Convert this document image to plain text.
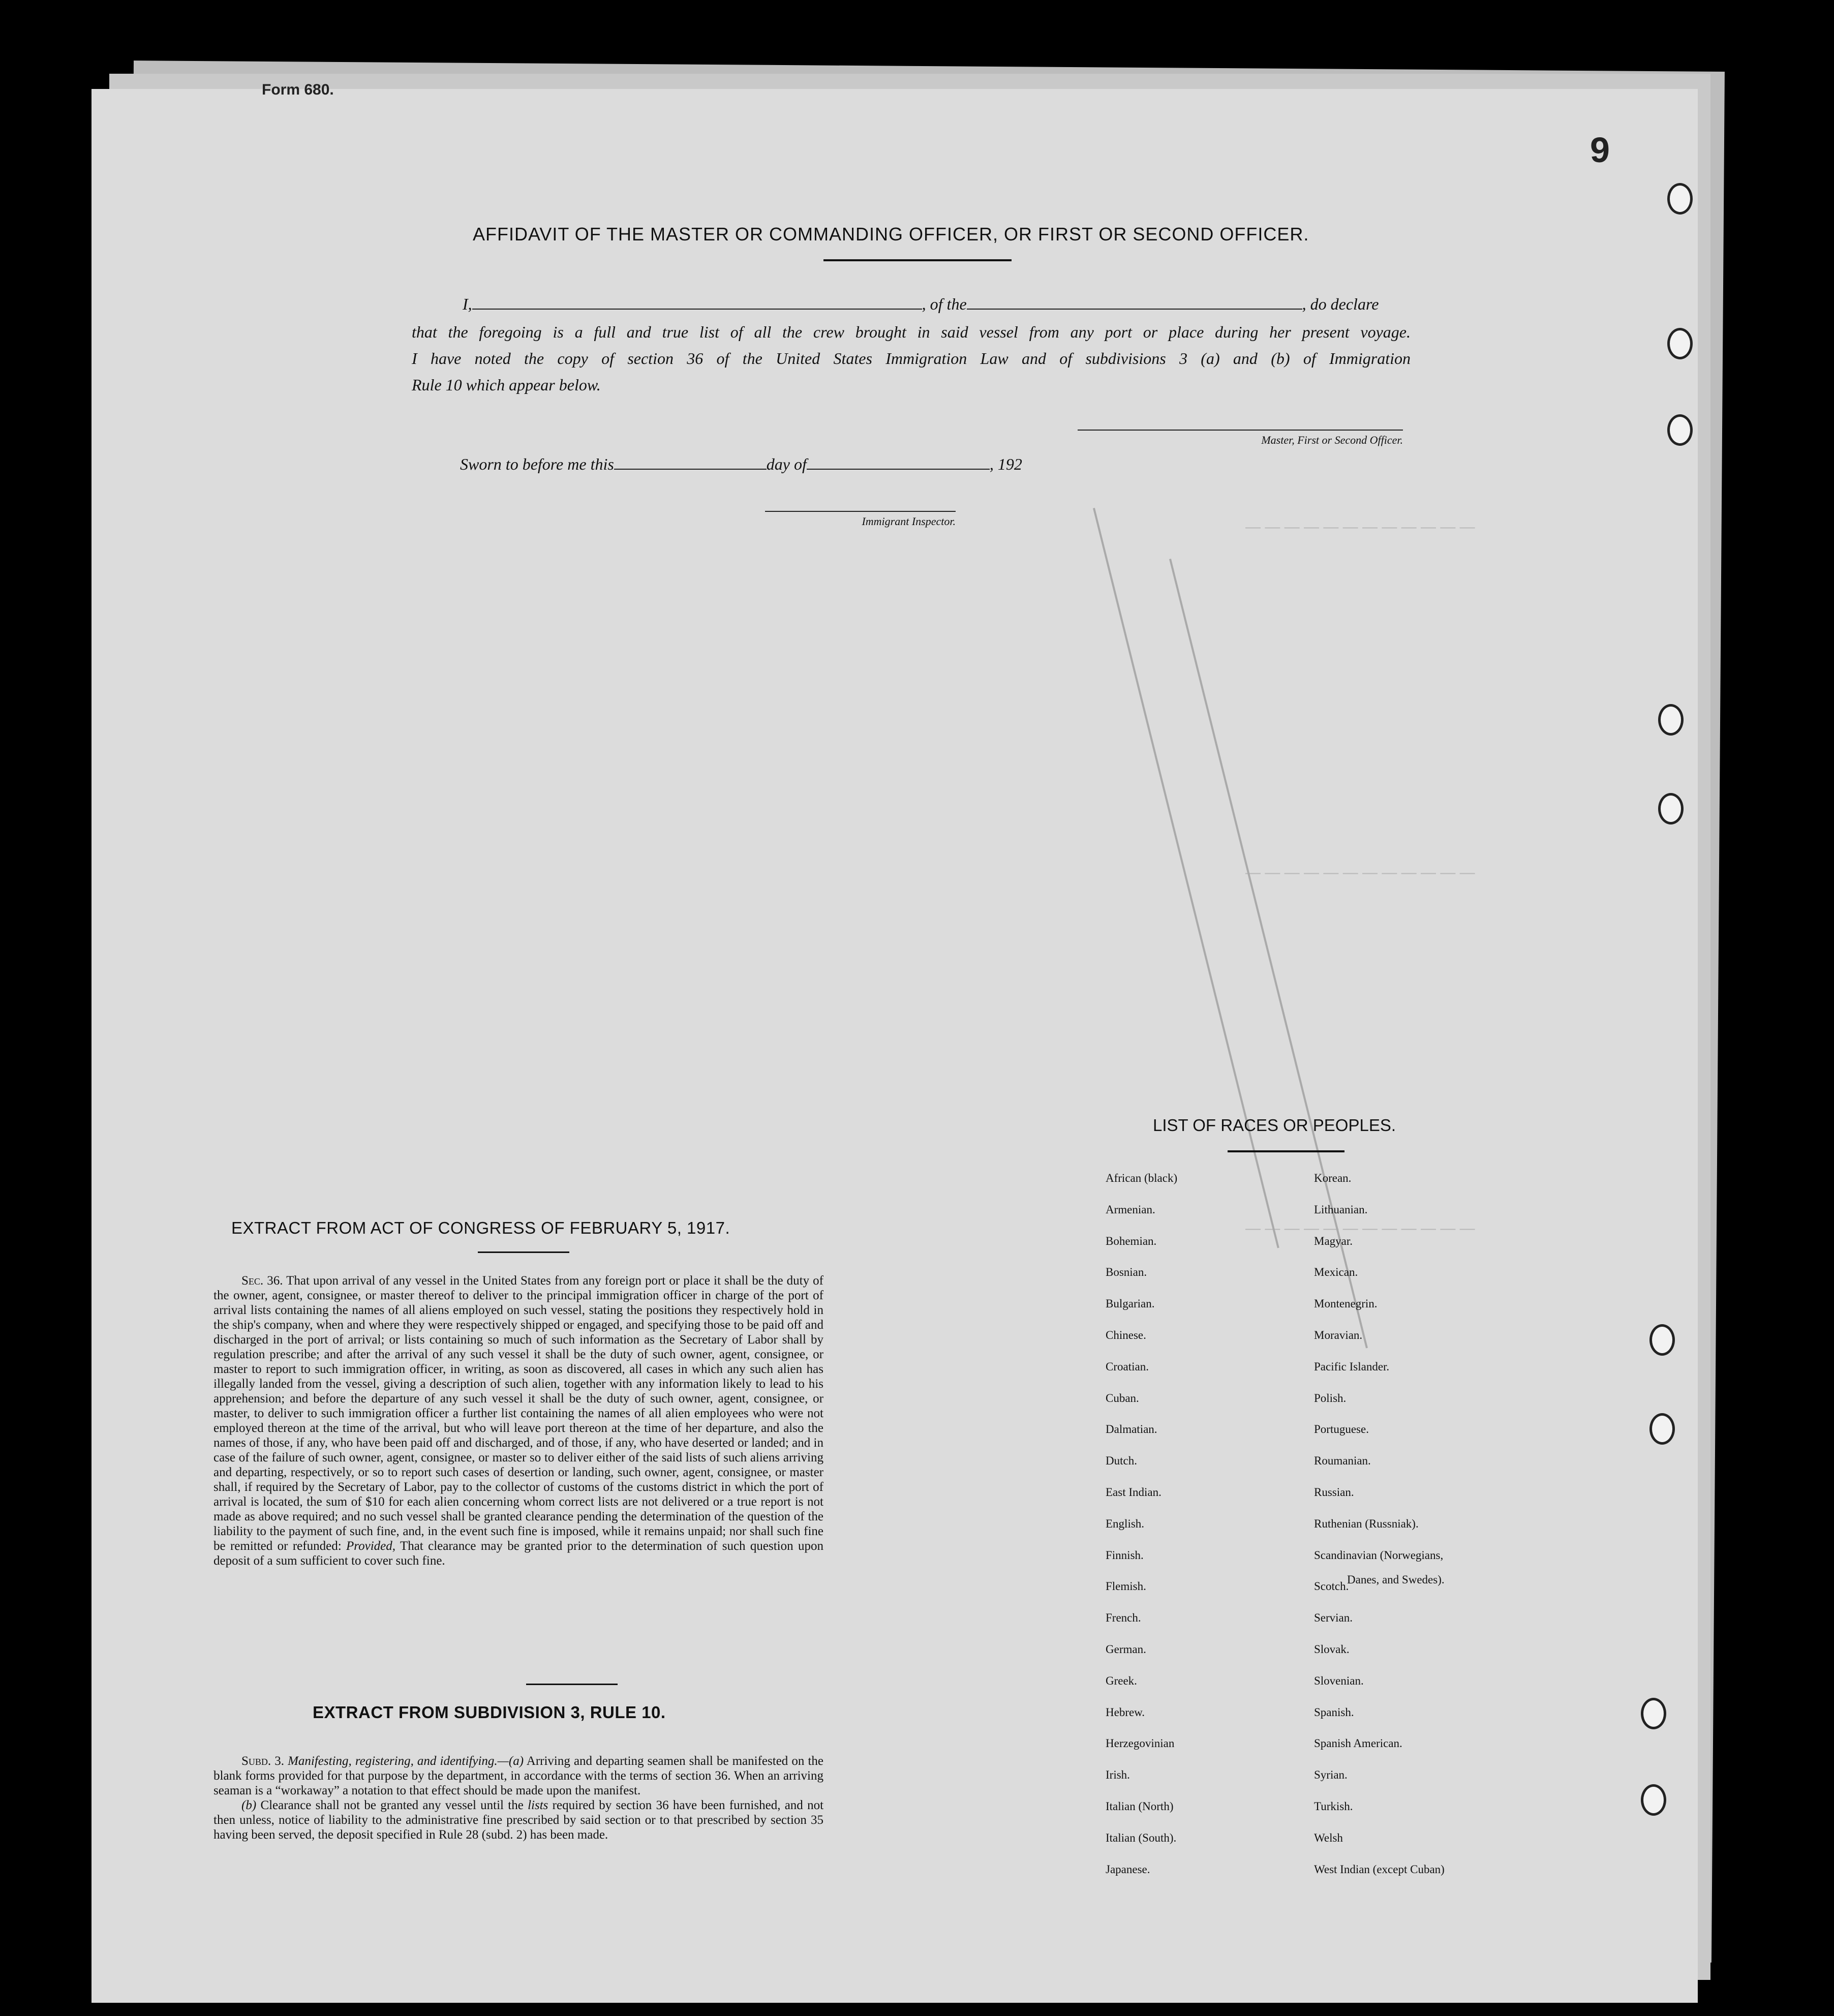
Form 680.
9
— — — — — — — — — — — —
— — — — — — — — — — — —
— — — — — — — — — — — —
AFFIDAVIT OF THE MASTER OR COMMANDING OFFICER, OR FIRST OR SECOND OFFICER.
I,	, of the	, do declare
that the foregoing is a full and true list of all the crew brought in said vessel from any port or place during her present voyage.
I have noted the copy of section 36 of the United States Immigration Law and of subdivisions 3 (a) and (b) of Immigration
Rule 10 which appear below.
Master, First or Second Officer.
Sworn to before me this	day of	, 192
Immigrant Inspector.
EXTRACT FROM ACT OF CONGRESS OF FEBRUARY 5, 1917.
Sec. 36. That upon arrival of any vessel in the United States from any foreign port or place it shall be the duty of the owner, agent, consignee, or master thereof to deliver to the principal immigration officer in charge of the port of arrival lists containing the names of all aliens employed on such vessel, stating the positions they respectively hold in the ship's company, when and where they were respectively shipped or engaged, and specifying those to be paid off and discharged in the port of arrival; or lists containing so much of such information as the Secretary of Labor shall by regulation prescribe; and after the arrival of any such vessel it shall be the duty of such owner, agent, consignee, or master to report to such immigration officer, in writing, as soon as discovered, all cases in which any such alien has illegally landed from the vessel, giving a description of such alien, together with any information likely to lead to his apprehension; and before the departure of any such vessel it shall be the duty of such owner, agent, consignee, or master, to deliver to such immigration officer a further list containing the names of all alien employees who were not employed thereon at the time of the arrival, but who will leave port thereon at the time of her departure, and also the names of those, if any, who have been paid off and discharged, and of those, if any, who have deserted or landed; and in case of the failure of such owner, agent, consignee, or master so to deliver either of the said lists of such aliens arriving and departing, respectively, or so to report such cases of desertion or landing, such owner, agent, consignee, or master shall, if required by the Secretary of Labor, pay to the collector of customs of the customs district in which the port of arrival is located, the sum of $10 for each alien concerning whom correct lists are not delivered or a true report is not made as above required; and no such vessel shall be granted clearance pending the determination of the question of the liability to the payment of such fine, and, in the event such fine is imposed, while it remains unpaid; nor shall such fine be remitted or refunded: Provided, That clearance may be granted prior to the determination of such question upon deposit of a sum sufficient to cover such fine.
EXTRACT FROM SUBDIVISION 3, RULE 10.
Subd. 3. Manifesting, registering, and identifying.—(a) Arriving and departing seamen shall be manifested on the blank forms provided for that purpose by the department, in accordance with the terms of section 36. When an arriving seaman is a “workaway” a notation to that effect should be made upon the manifest.
(b) Clearance shall not be granted any vessel until the lists required by section 36 have been furnished, and not then unless, notice of liability to the administrative fine prescribed by said section or to that prescribed by section 35 having been served, the deposit specified in Rule 28 (subd. 2) has been made.
LIST OF RACES OR PEOPLES.
African (black)
Armenian.
Bohemian.
Bosnian.
Bulgarian.
Chinese.
Croatian.
Cuban.
Dalmatian.
Dutch.
East Indian.
English.
Finnish.
Flemish.
French.
German.
Greek.
Hebrew.
Herzegovinian
Irish.
Italian (North)
Italian (South).
Japanese.
Korean.
Lithuanian.
Magyar.
Mexican.
Montenegrin.
Moravian.
Pacific Islander.
Polish.
Portuguese.
Roumanian.
Russian.
Ruthenian (Russniak).
Scandinavian (Norwegians,
Scotch.
Servian.
Slovak.
Slovenian.
Spanish.
Spanish American.
Syrian.
Turkish.
Welsh
West Indian (except Cuban)
Danes, and Swedes).
